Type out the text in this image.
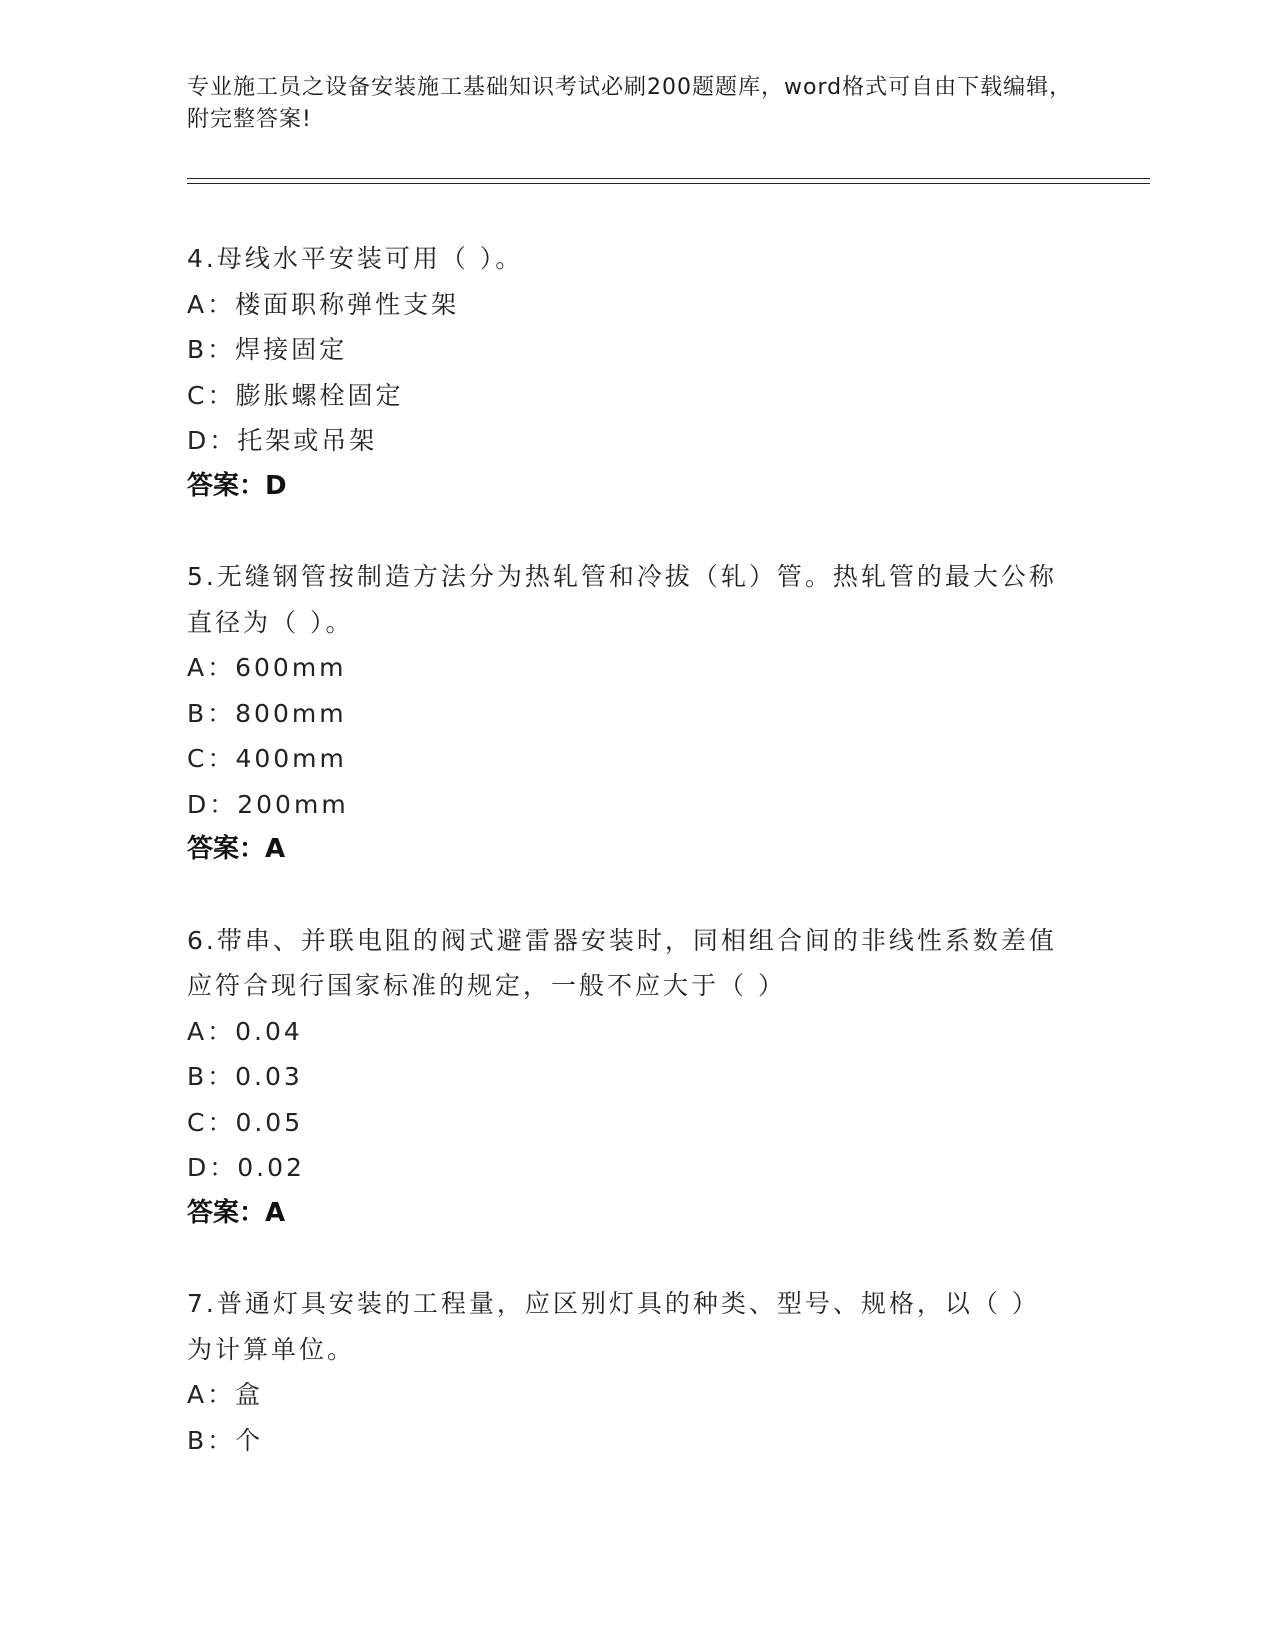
专业施工员之设备安装施工基础知识考试必刷200题题库，word格式可自由下载编辑，附完整答案!
4.母线水平安装可用（ ）。
A：楼面职称弹性支架
B：焊接固定
C：膨胀螺栓固定
D：托架或吊架
答案：D
5.无缝钢管按制造方法分为热轧管和冷拔（轧）管。热轧管的最大公称直径为（ ）。
A：600mm
B：800mm
C：400mm
D：200mm
答案：A
6.带串、并联电阻的阀式避雷器安装时，同相组合间的非线性系数差值应符合现行国家标准的规定，一般不应大于（ ）
A：0.04
B：0.03
C：0.05
D：0.02
答案：A
7.普通灯具安装的工程量，应区别灯具的种类、型号、规格，以（ ）为计算单位。
A：盒
B：个
